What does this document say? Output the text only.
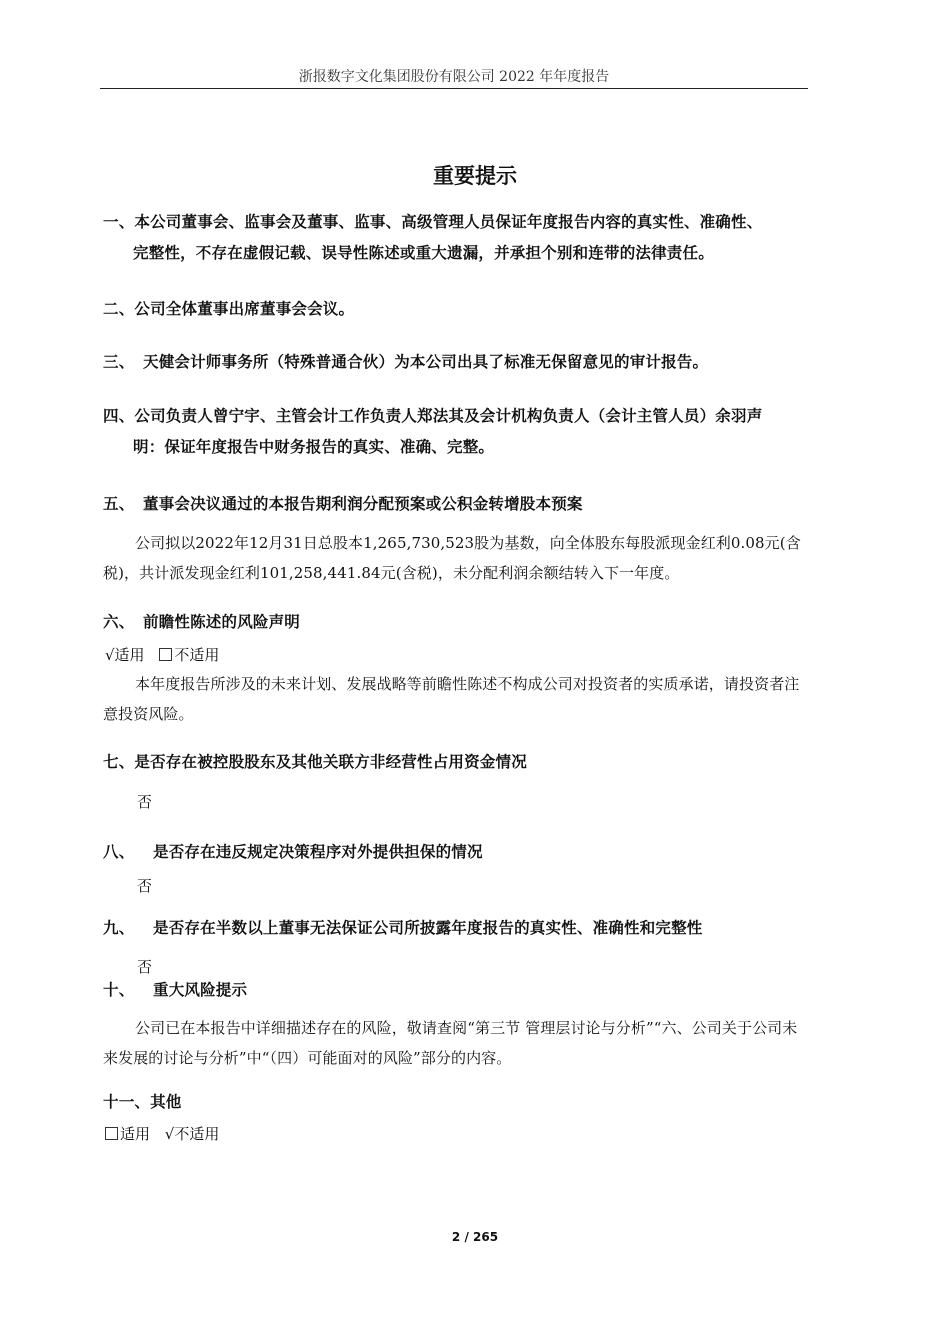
浙报数字文化集团股份有限公司 2022 年年度报告
重要提示
一、本公司董事会、监事会及董事、监事、高级管理人员保证年度报告内容的真实性、准确性、
完整性，不存在虚假记载、误导性陈述或重大遗漏，并承担个别和连带的法律责任。
二、公司全体董事出席董事会会议。
三、 天健会计师事务所（特殊普通合伙）为本公司出具了标准无保留意见的审计报告。
四、公司负责人曾宁宇、主管会计工作负责人郑法其及会计机构负责人（会计主管人员）余羽声
明：保证年度报告中财务报告的真实、准确、完整。
五、 董事会决议通过的本报告期利润分配预案或公积金转增股本预案
公司拟以2022年12月31日总股本1,265,730,523股为基数，向全体股东每股派现金红利0.08元(含税)，共计派发现金红利101,258,441.84元(含税)，未分配利润余额结转入下一年度。
六、 前瞻性陈述的风险声明
√适用 不适用
本年度报告所涉及的未来计划、发展战略等前瞻性陈述不构成公司对投资者的实质承诺，请投资者注意投资风险。
七、是否存在被控股股东及其他关联方非经营性占用资金情况
否
八、 是否存在违反规定决策程序对外提供担保的情况
否
九、 是否存在半数以上董事无法保证公司所披露年度报告的真实性、准确性和完整性
否
十、 重大风险提示
公司已在本报告中详细描述存在的风险，敬请查阅“第三节 管理层讨论与分析”“六、公司关于公司未来发展的讨论与分析”中“（四）可能面对的风险”部分的内容。
十一、其他
适用 √不适用
2 / 265
